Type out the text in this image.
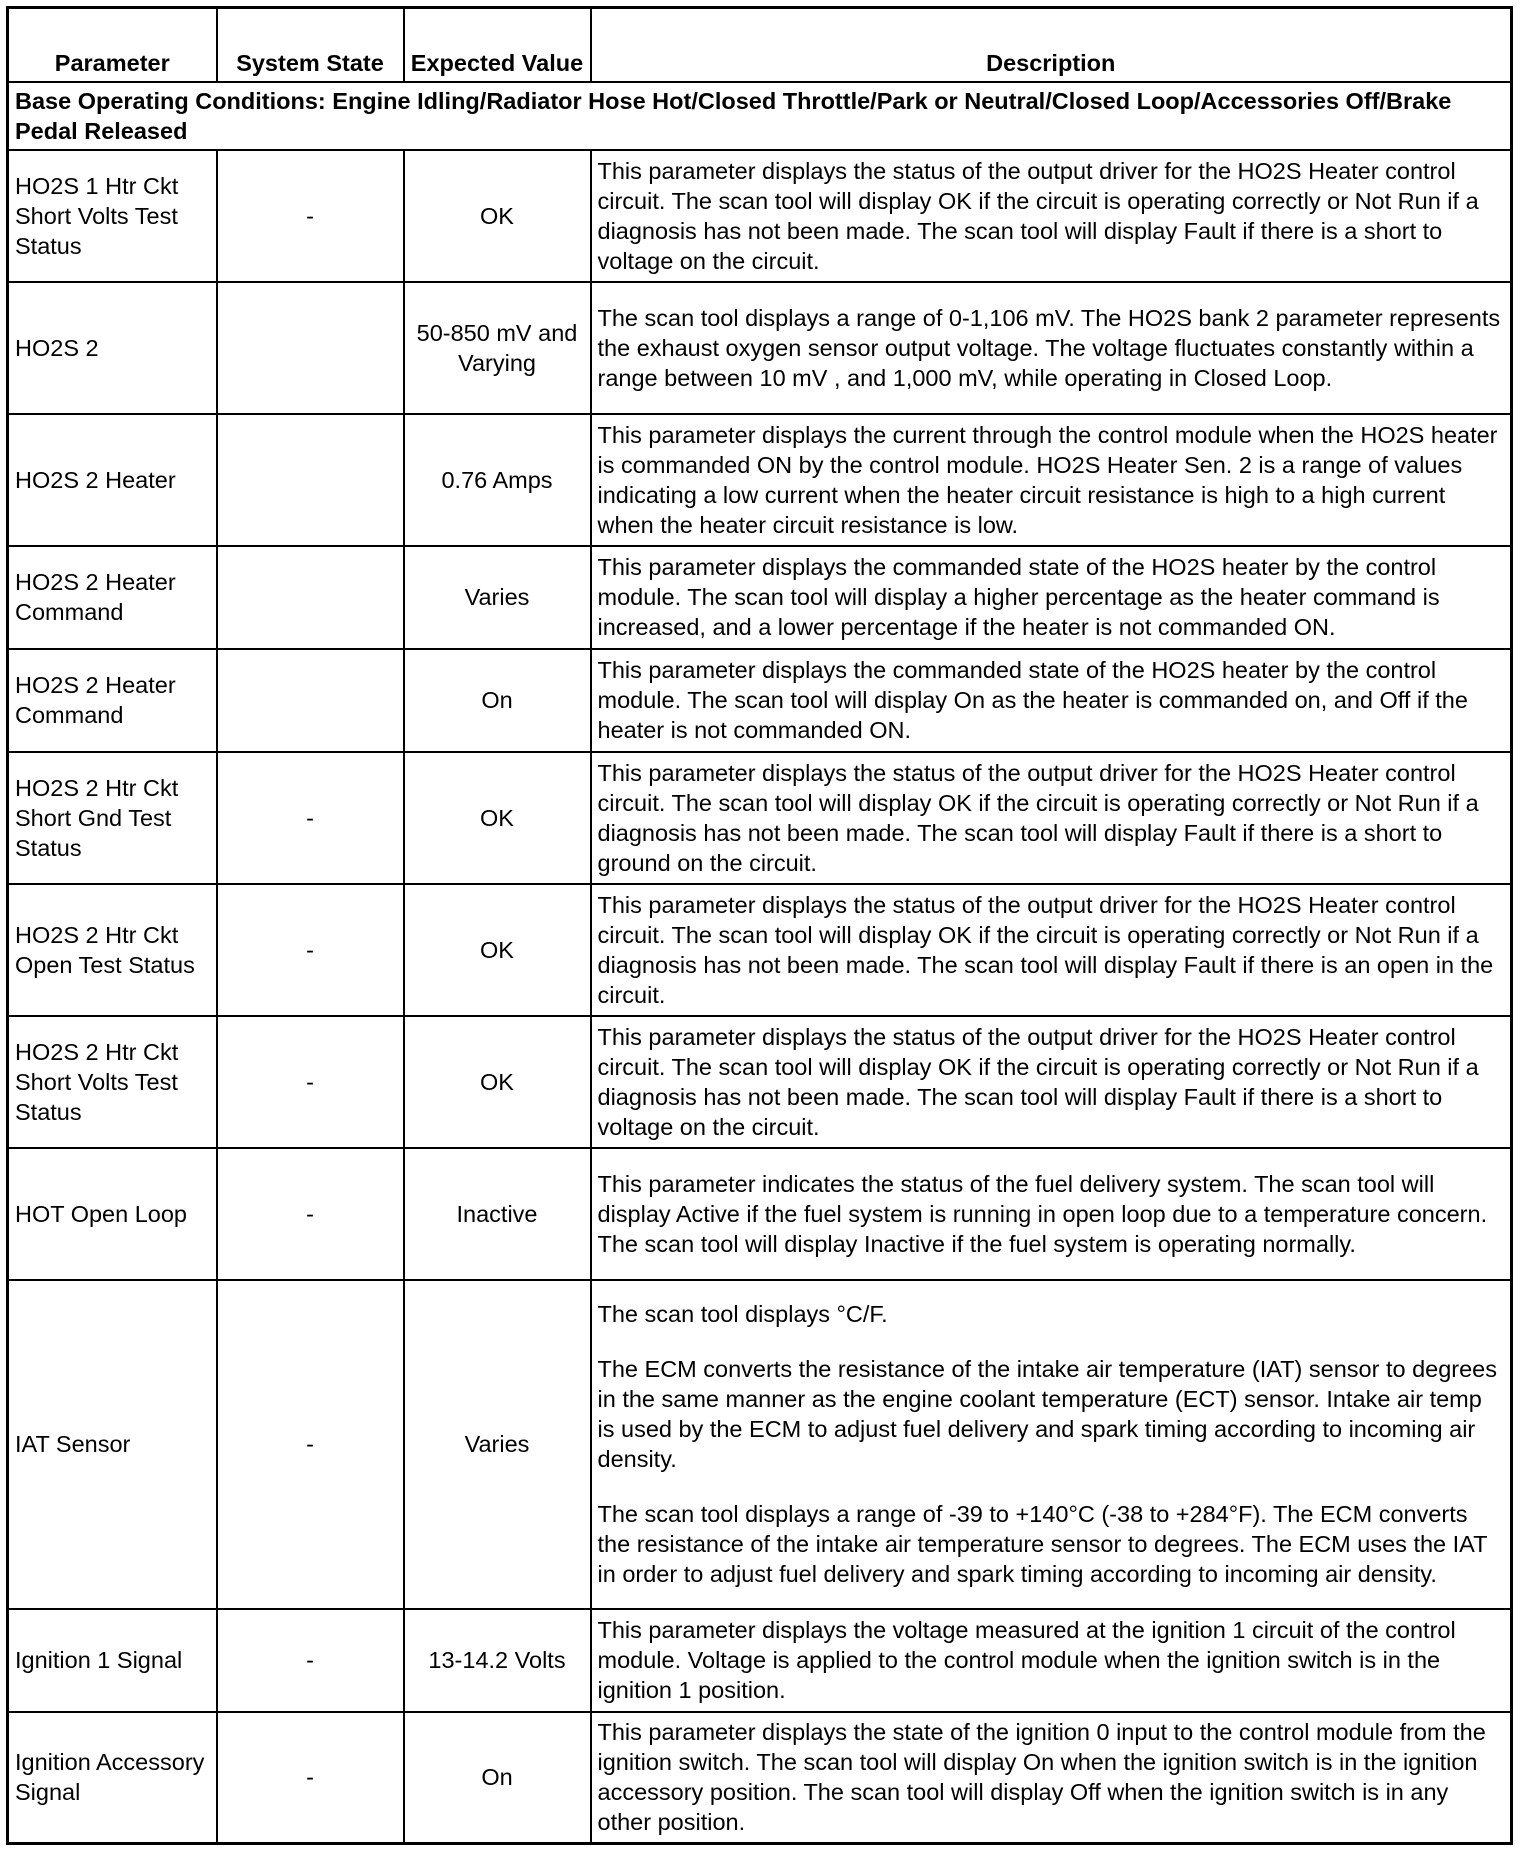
Parameter	System State	Expected Value	Description
Base Operating Conditions: Engine Idling/Radiator Hose Hot/Closed Throttle/Park or Neutral/Closed Loop/Accessories Off/Brake Pedal Released			
HO2S 1 Htr Ckt Short Volts Test Status	-	OK	This parameter displays the status of the output driver for the HO2S Heater control circuit. The scan tool will display OK if the circuit is operating correctly or Not Run if a diagnosis has not been made. The scan tool will display Fault if there is a short to voltage on the circuit.

HO2S 2		50-850 mV and Varying	The scan tool displays a range of 0-1,106 mV. The HO2S bank 2 parameter represents the exhaust oxygen sensor output voltage. The voltage fluctuates constantly within a range between 10 mV , and 1,000 mV, while operating in Closed Loop.

HO2S 2 Heater		0.76 Amps	This parameter displays the current through the control module when the HO2S heater is commanded ON by the control module. HO2S Heater Sen. 2 is a range of values indicating a low current when the heater circuit resistance is high to a high current when the heater circuit resistance is low.

HO2S 2 Heater Command		Varies	This parameter displays the commanded state of the HO2S heater by the control module. The scan tool will display a higher percentage as the heater command is increased, and a lower percentage if the heater is not commanded ON.

HO2S 2 Heater Command		On	This parameter displays the commanded state of the HO2S heater by the control module. The scan tool will display On as the heater is commanded on, and Off if the heater is not commanded ON.

HO2S 2 Htr Ckt Short Gnd Test Status	-	OK	This parameter displays the status of the output driver for the HO2S Heater control circuit. The scan tool will display OK if the circuit is operating correctly or Not Run if a diagnosis has not been made. The scan tool will display Fault if there is a short to ground on the circuit.

HO2S 2 Htr Ckt Open Test Status	-	OK	This parameter displays the status of the output driver for the HO2S Heater control circuit. The scan tool will display OK if the circuit is operating correctly or Not Run if a diagnosis has not been made. The scan tool will display Fault if there is an open in the circuit.

HO2S 2 Htr Ckt Short Volts Test Status	-	OK	This parameter displays the status of the output driver for the HO2S Heater control circuit. The scan tool will display OK if the circuit is operating correctly or Not Run if a diagnosis has not been made. The scan tool will display Fault if there is a short to voltage on the circuit.

HOT Open Loop	-	Inactive	This parameter indicates the status of the fuel delivery system. The scan tool will display Active if the fuel system is running in open loop due to a temperature concern. The scan tool will display Inactive if the fuel system is operating normally.

IAT Sensor	-	Varies	The scan tool displays °C/F.

The ECM converts the resistance of the intake air temperature (IAT) sensor to degrees in the same manner as the engine coolant temperature (ECT) sensor. Intake air temp is used by the ECM to adjust fuel delivery and spark timing according to incoming air density.

The scan tool displays a range of -39 to +140°C (-38 to +284°F). The ECM converts the resistance of the intake air temperature sensor to degrees. The ECM uses the IAT in order to adjust fuel delivery and spark timing according to incoming air density.

Ignition 1 Signal	-	13-14.2 Volts	This parameter displays the voltage measured at the ignition 1 circuit of the control module. Voltage is applied to the control module when the ignition switch is in the ignition 1 position.

Ignition Accessory Signal	-	On	This parameter displays the state of the ignition 0 input to the control module from the ignition switch. The scan tool will display On when the ignition switch is in the ignition accessory position. The scan tool will display Off when the ignition switch is in any other position.
